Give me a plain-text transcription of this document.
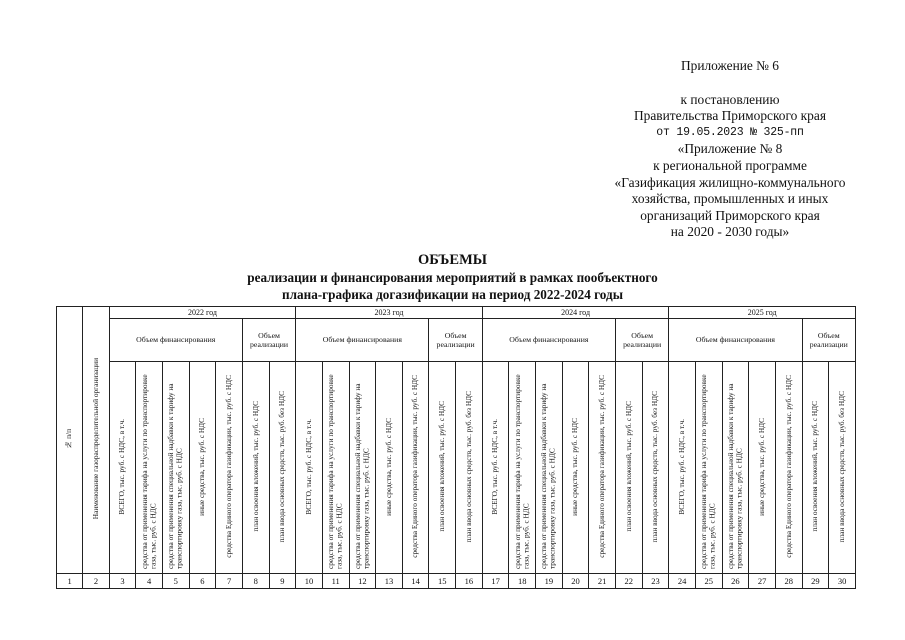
Приложение № 6
к постановлению
Правительства Приморского края
от 19.05.2023 № 325-пп
«Приложение № 8
к региональной программе
«Газификация жилищно-коммунального
хозяйства, промышленных и иных
организаций Приморского края
на 2020 - 2030 годы»
ОБЪЕМЫ
реализации и финансирования мероприятий в рамках пообъектного
плана-графика догазификации на период 2022-2024 годы
№ п/п	Наименование газораспределительной организации	2022 год							2023 год							2024 год							2025 год						
		Объем финансирования					Объем реализации		Объем финансирования					Объем реализации		Объем финансирования					Объем реализации		Объем финансирования					Объем реализации	
		ВСЕГО, тыс. руб. с НДС, в т.ч.	средства от применения тарифа на услуги по транспортировке газа, тыс. руб. с НДС	средства от применения специальной надбавки к тарифу на транспортировку газа, тыс. руб. с НДС	иные средства, тыс. руб. с НДС	средства Единого оператора газификации, тыс. руб. с НДС	план освоения вложений, тыс. руб. с НДС	план ввода основных средств, тыс. руб. без НДС	ВСЕГО, тыс. руб. с НДС, в т.ч.	средства от применения тарифа на услуги по транспортировке газа, тыс. руб. с НДС	средства от применения специальной надбавки к тарифу на транспортировку газа, тыс. руб. с НДС	иные средства, тыс. руб. с НДС	средства Единого оператора газификации, тыс. руб. с НДС	план освоения вложений, тыс. руб. с НДС	план ввода основных средств, тыс. руб. без НДС	ВСЕГО, тыс. руб. с НДС, в т.ч.	средства от применения тарифа на услуги по транспортировке газа, тыс. руб. с НДС	средства от применения специальной надбавки к тарифу на транспортировку газа, тыс. руб. с НДС	иные средства, тыс. руб. с НДС	средства Единого оператора газификации, тыс. руб. с НДС	план освоения вложений, тыс. руб. с НДС	план ввода основных средств, тыс. руб. без НДС	ВСЕГО, тыс. руб. с НДС, в т.ч.	средства от применения тарифа на услуги по транспортировке газа, тыс. руб. с НДС	средства от применения специальной надбавки к тарифу на транспортировку газа, тыс. руб. с НДС	иные средства, тыс. руб. с НДС	средства Единого оператора газификации, тыс. руб. с НДС	план освоения вложений, тыс. руб. с НДС	план ввода основных средств, тыс. руб. без НДС
1	2	3	4	5	6	7	8	9	10	11	12	13	14	15	16	17	18	19	20	21	22	23	24	25	26	27	28	29	30
